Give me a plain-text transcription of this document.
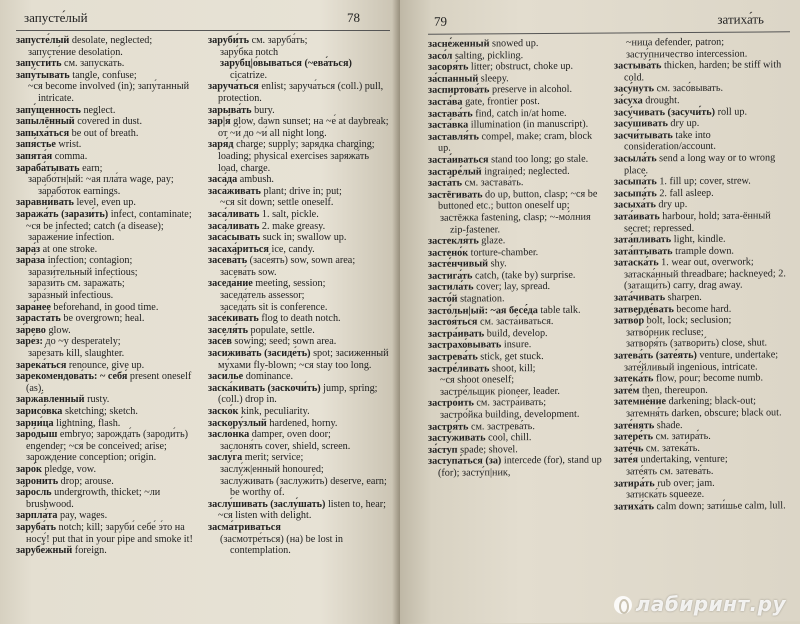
запусте́лый	78

запусте́лый desolate, neglected;

запусте́ние desolation.

запусти́ть см. запуска́ть.

запу́тывать tangle, confuse;

~ся become involved (in); запу́танный intricate.

запу́щенность neglect.

запылённый covered in dust.

запыха́ться be out of breath.

запя́стье wrist.

запята́я comma.

зараба́тывать earn;

зарабо́тн|ый: ~ая пла́та wage, pay; за́работок earnings.

заравни́вать level, even up.

заража́ть (зарази́ть) infect, contaminate; ~ся be infected; catch (a disease);

зараже́ние infection.

зара́з at one stroke.

зара́за infection; contagion;

зарази́тельный infectious;

зарази́ть см. заража́ть;

зара́зный infectious.

зара́нее beforehand, in good time.

зараста́ть be overgrown; heal.

за́рево glow.

заре́з: до ~у desperately;

заре́зать kill, slaughter.

зарека́ться renounce, give up.

зарекомендова́ть: ~ себя́ present oneself (as).

заржа́вленный rusty.

зарисо́вка sketching; sketch.

зарни́ца lightning, flash.

заро́дыш embryo; зарожда́ть (зароди́ть) engender; ~ся be conceived; arise; зарожде́ние conception; origin.

заро́к pledge, vow.

зарони́ть drop; arouse.

за́росль undergrowth, thicket; ~ли brushwood.

зарпла́та pay, wages.

заруба́ть notch; kill; заруби́ себе́ э́то на носу́! put that in your pipe and smoke it!

зарубе́жный foreign.

заруби́ть см. заруба́ть;

зару́бка notch

зарубц|о́вываться (~ева́ться) cicatrize.

заруча́ться enlist; заруча́ться (coll.) pull, protection.

зарыва́ть bury.

зар|я́ glow, dawn sunset; на ~е́ at daybreak; от ~и́ до ~и́ all night long.

заря́д charge; supply; заря́дка charging; loading; physical exercises заряжа́ть load, charge.

заса́да ambush.

заса́живать plant; drive in; put;

~ся sit down; settle oneself.

заса́ливать 1. salt, pickle.

заса́ливать 2. make greasy.

заса́сывать suck in; swallow up.

засаха́риться ice, candy.

засева́ть (засе́ять) sow, sown area;

засева́ть sow.

заседа́ние meeting, session;

заседа́тель assessor;

заседа́ть sit is conference.

засе́кивать flog to death notch.

заселя́ть populate, settle.

засе́в sowing; seed; sown area.

засижива́ть (засиде́ть) spot; засиженный му́хами fly-blown; ~ся stay too long.

заси́лье dominance.

заска́кивать (заскочи́ть) jump, spring; (coll.) drop in.

заско́к kink, peculiarity.

заскору́злый hardened, horny.

засло́нка damper, oven door;

заслоня́ть cover, shield, screen.

заслу́га merit; service;

заслу́ж|енный honoured;

заслу́живать (заслужи́ть) deserve, earn; be worthy of.

заслу́шивать (заслу́шать) listen to, hear; ~ся listen with delight.

засма́триваться

(засмотре́ться) (на) be lost in contemplation.

79	затиха́ть

засне́женный snowed up.

засо́л salting, pickling.

засоря́ть litter; obstruct, choke up.

за́спанный sleepy.

заспиртова́ть preserve in alcohol.

заста́ва gate, frontier post.

застава́ть find, catch in/at home.

заста́вка illumination (in manuscript).

заставля́ть compel, make; cram, block up.

заста́иваться stand too long; go stale.

застаре́лый ingrained; neglected.

заста́ть см. застава́ть.

застёгивать do up, button, clasp; ~ся be buttoned etc.; button oneself up;

застёжка fastening, clasp; ~-мо́лния zip-fastener.

застекля́ть glaze.

застено́к torture-chamber.

засте́нчивый shy.

застига́ть catch, (take by) surprise.

застила́ть cover; lay, spread.

засто́й stagnation.

засто́льн|ый: ~ая бесе́да table talk.

застоя́ться см. заста́иваться.

застра́ивать build, develop.

застрахо́вывать insure.

застрева́ть stick, get stuck.

застре́ливать shoot, kill;

~ся shoot oneself;

застре́льщик pioneer, leader.

застро́ить см. застра́ивать;

застро́йка building, development.

застря́ть см. застрева́ть.

засту́живать cool, chill.

за́ступ spade; shovel.

заступа́ться (за) intercede (for), stand up (for); засту́п|ник,

~ница defender, patron;

засту́пничество intercession.

застыва́ть thicken, harden; be stiff with cold.

засу́нуть см. засо́вывать.

за́суха drought.

засу́чивать (засучи́ть) roll up.

засу́шивать dry up.

засчи́тывать take into consideration/account.

засыла́ть send a long way or to wrong place.

засыпа́ть 1. fill up; cover, strew.

засыпа́ть 2. fall asleep.

засыха́ть dry up.

зата́ивать harbour, hold; зата-ённый secret; repressed.

зата́пливать light, kindle.

зата́птывать trample down.

затаска́ть 1. wear out, overwork; затаска́нный threadbare; hackneyed; 2. (затащи́ть) carry, drag away.

зата́чивать sharpen.

затверде́вать become hard.

затво́р bolt, lock; seclusion;

затво́рник recluse;

затворя́ть (затвори́ть) close, shut.

затева́ть (зате́ять) venture, undertake; зате́йливый ingenious, intricate.

затека́ть flow, pour; become numb.

зате́м then, thereupon.

затемне́ние darkening; black-out;

затемня́ть darken, obscure; black out.

зате́нять shade.

затере́ть см. затира́ть.

зате́чь см. затека́ть.

зате́я undertaking, venture;

зате́ять см. затева́ть.

затира́ть rub over; jam.

затиска́ть squeeze.

затиха́ть calm down; зати́шье calm, lull.

лабиринт.ру
